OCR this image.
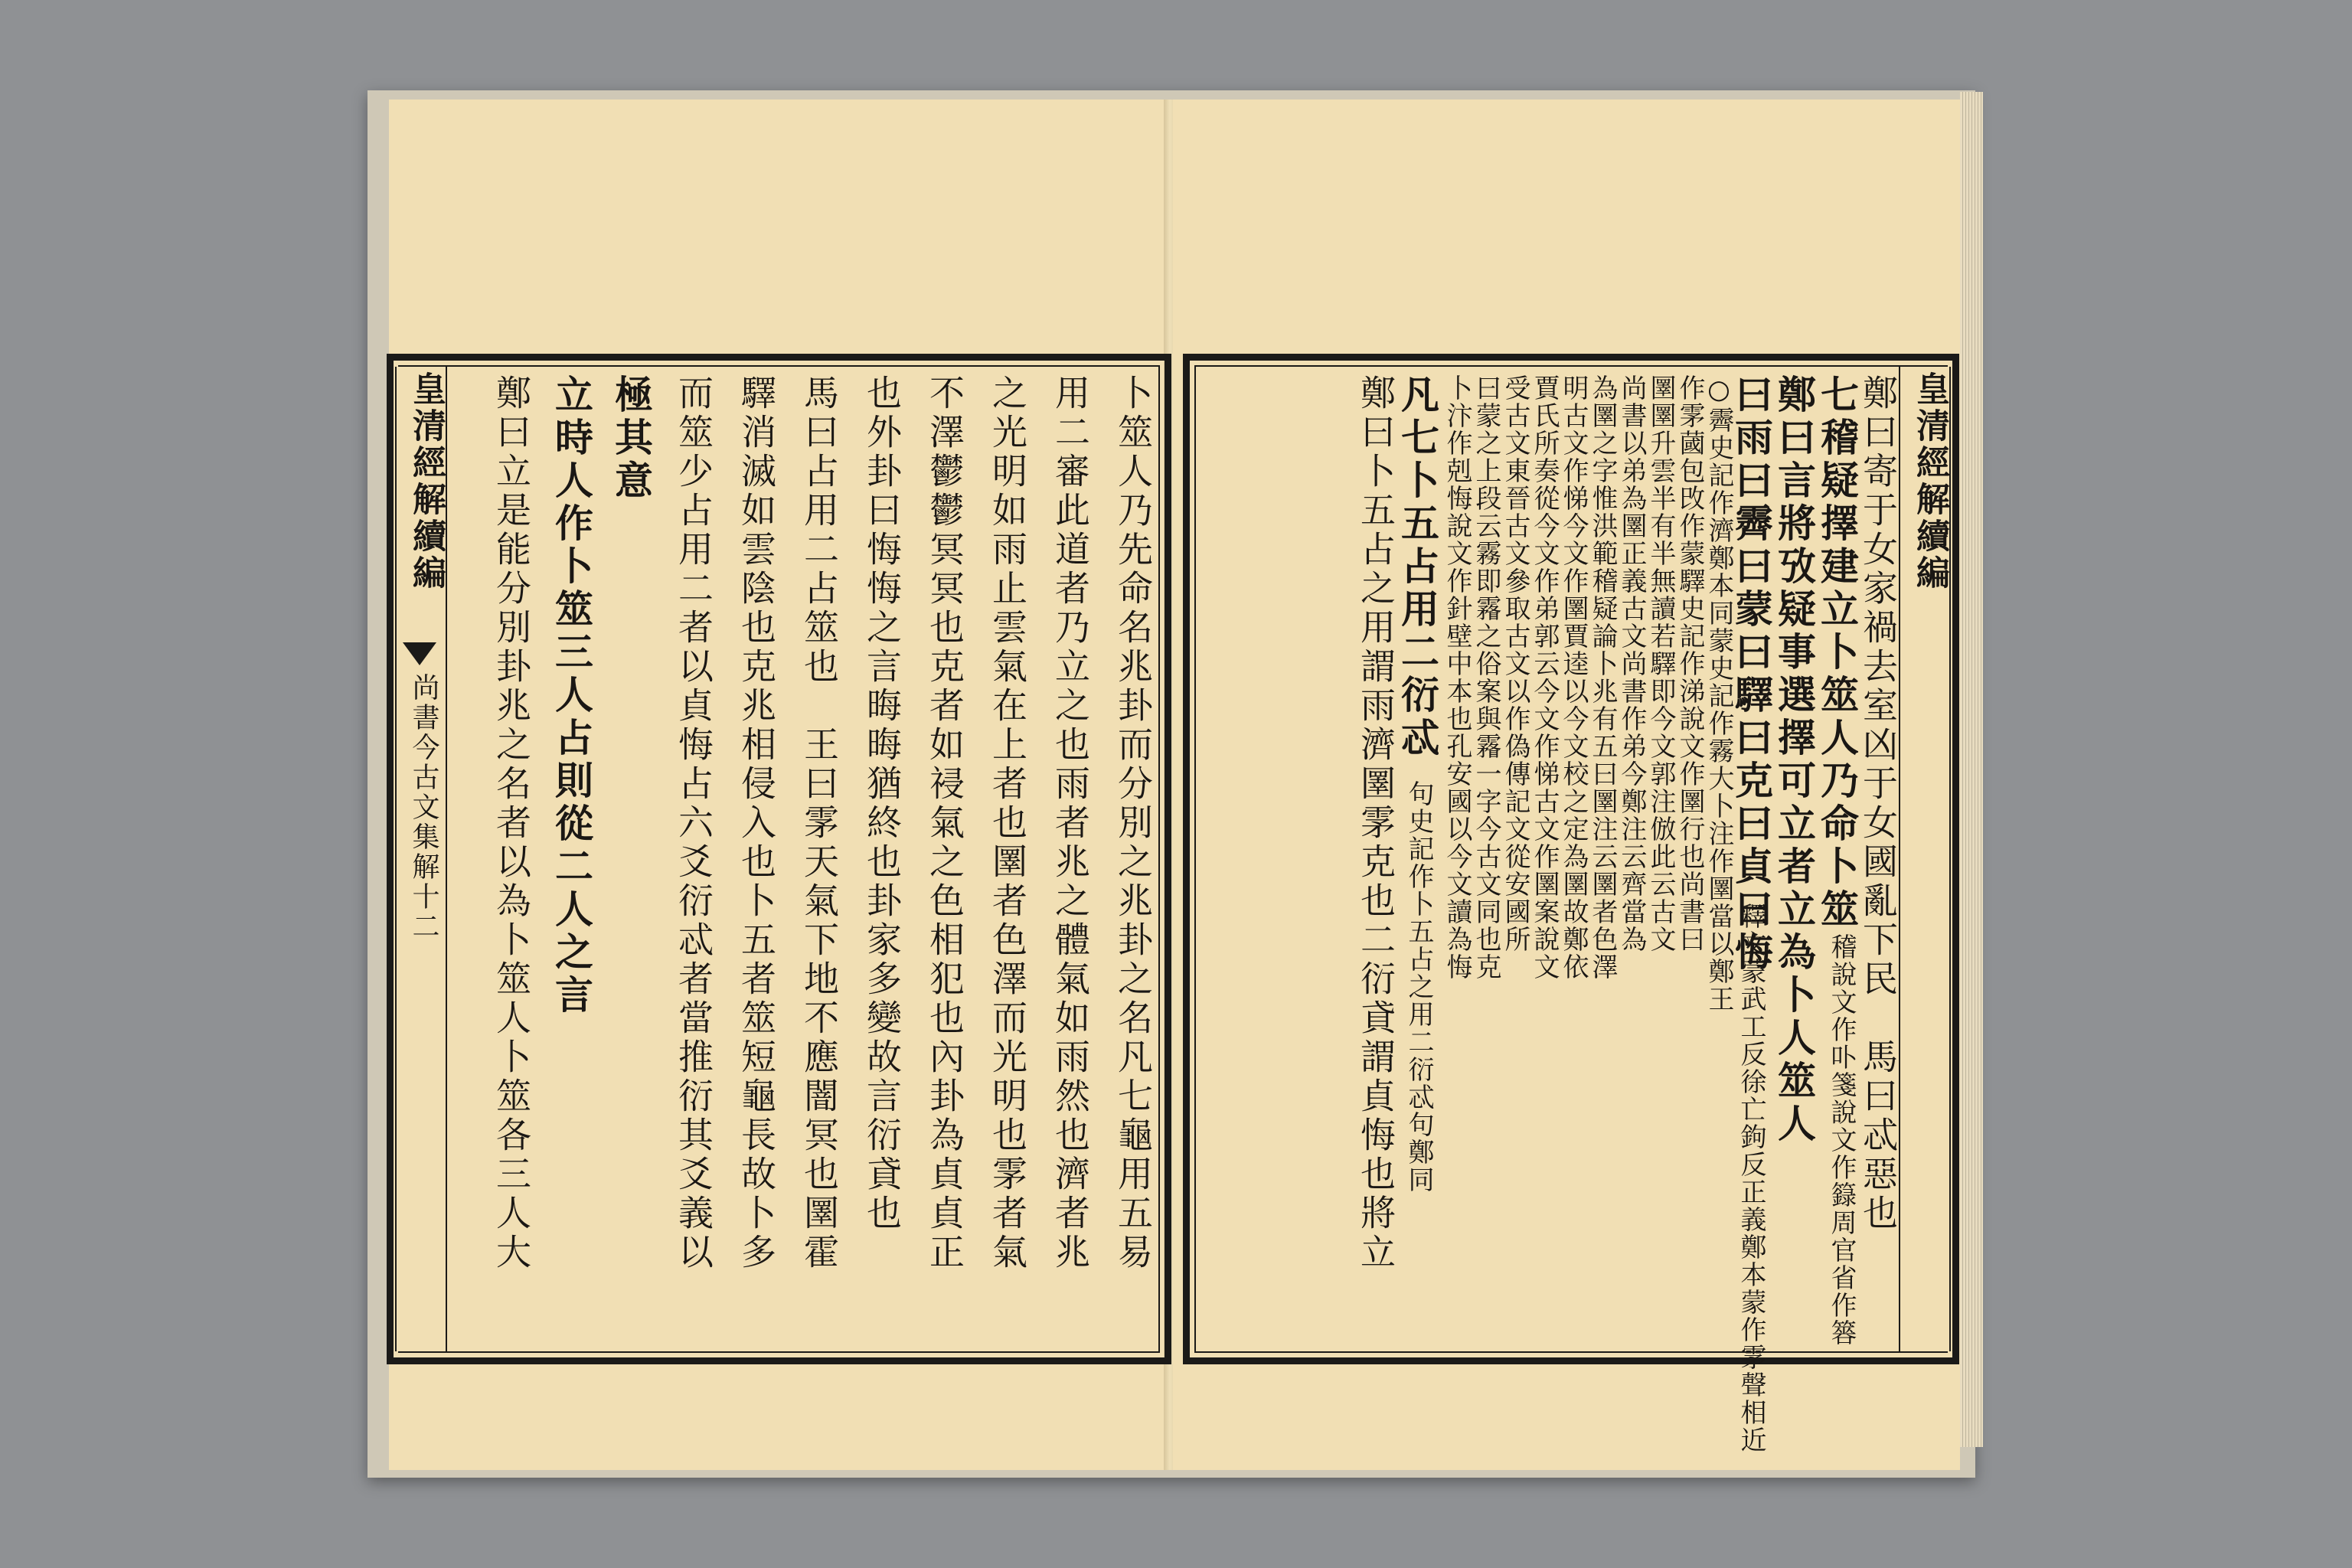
皇清經解續編
鄭曰寄于女家禍去室凶于女國亂下民　馬曰忒惡也
七稽疑擇建立卜筮人乃命卜筮
稽說文作卟箋說文作籙周官省作簭
鄭曰言將攷疑事選擇可立者立為卜人筮人
曰雨曰霽曰蒙曰驛曰克曰貞曰悔
釋文蒙武工反徐亡鉤反正義鄭本蒙作雺聲相近
○霽史記作濟鄭本同蒙史記作霧大卜注作圛當以鄭王
作雺蔮包攺作蒙驛史記作涕說文作圛行也尚書曰
圛圛升雲半有半無讀若驛即今文郭注倣此云古文
尚書以弟為圛正義古文尚書作弟今鄭注云齊當為
為圛之字惟洪範稽疑論卜兆有五曰圛注云圛者色澤
明古文作悌今文作圛賈逵以今文校之定為圛故鄭依
賈氏所奏從今文作弟郭云今文作悌古文作圛案說文
受古文東晉古文參取古文以作偽傳記文從安國所
曰蒙之上段云霧即霿之俗案與霿一字今古文同也克
卜汴作剋悔說文作針壁中本也孔安國以今文讀為悔
凡七卜五占用二衍忒
句史記作卜五占之用二衍忒句鄭同
鄭曰卜五占之用謂雨濟圛雺克也二衍貣謂貞悔也將立
皇清經解續編
尚書今古文集解十二	卜筮人乃先命名兆卦而分別之兆卦之名凡七龜用五易
用二審此道者乃立之也雨者兆之體氣如雨然也濟者兆
之光明如雨止雲氣在上者也圛者色澤而光明也雺者氣
不澤鬱鬱冥冥也克者如祲氣之色相犯也內卦為貞貞正
也外卦曰悔悔之言晦晦猶終也卦家多變故言衍貣也
馬曰占用二占筮也　王曰雺天氣下地不應闇冥也圛霍
驛消滅如雲陰也克兆相侵入也卜五者筮短龜長故卜多
而筮少占用二者以貞悔占六爻衍忒者當推衍其爻義以
極其意
立時人作卜筮三人占則從二人之言
鄭曰立是能分別卦兆之名者以為卜筮人卜筮各三人大
